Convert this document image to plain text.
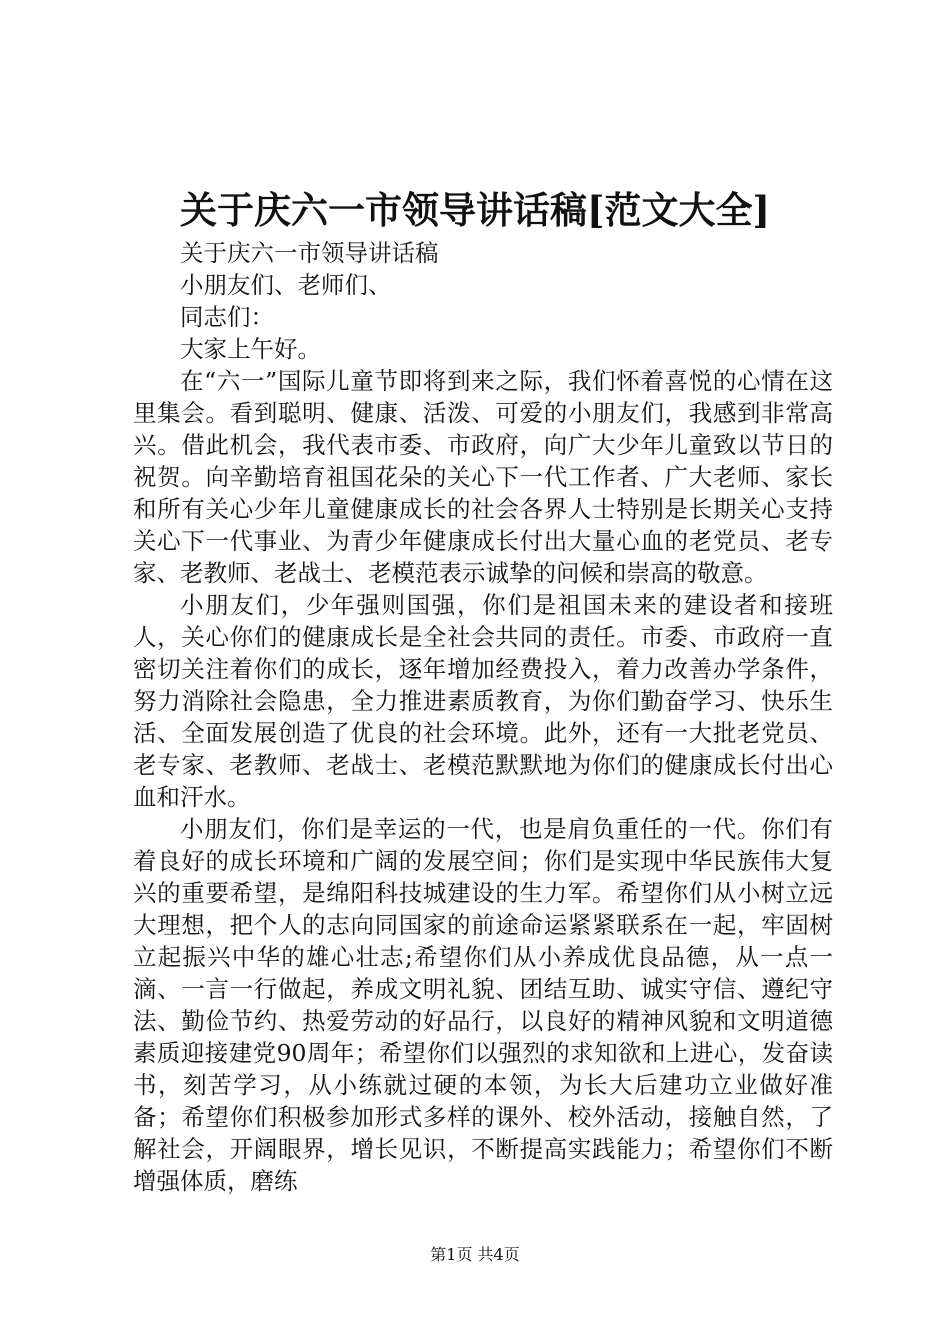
关于庆六一市领导讲话稿[范文大全]

关于庆六一市领导讲话稿

小朋友们、老师们、

同志们：

大家上午好。

在“六一”国际儿童节即将到来之际，我们怀着喜悦的心情在这里集会。看到聪明、健康、活泼、可爱的小朋友们，我感到非常高兴。借此机会，我代表市委、市政府，向广大少年儿童致以节日的祝贺。向辛勤培育祖国花朵的关心下一代工作者、广大老师、家长和所有关心少年儿童健康成长的社会各界人士特别是长期关心支持关心下一代事业、为青少年健康成长付出大量心血的老党员、老专家、老教师、老战士、老模范表示诚挚的问候和崇高的敬意。

小朋友们，少年强则国强，你们是祖国未来的建设者和接班人，关心你们的健康成长是全社会共同的责任。市委、市政府一直密切关注着你们的成长，逐年增加经费投入，着力改善办学条件，努力消除社会隐患，全力推进素质教育，为你们勤奋学习、快乐生活、全面发展创造了优良的社会环境。此外，还有一大批老党员、老专家、老教师、老战士、老模范默默地为你们的健康成长付出心血和汗水。

小朋友们，你们是幸运的一代，也是肩负重任的一代。你们有着良好的成长环境和广阔的发展空间；你们是实现中华民族伟大复兴的重要希望，是绵阳科技城建设的生力军。希望你们从小树立远大理想，把个人的志向同国家的前途命运紧紧联系在一起，牢固树立起振兴中华的雄心壮志;希望你们从小养成优良品德，从一点一滴、一言一行做起，养成文明礼貌、团结互助、诚实守信、遵纪守法、勤俭节约、热爱劳动的好品行，以良好的精神风貌和文明道德素质迎接建党90周年；希望你们以强烈的求知欲和上进心，发奋读书，刻苦学习，从小练就过硬的本领，为长大后建功立业做好准备；希望你们积极参加形式多样的课外、校外活动，接触自然，了解社会，开阔眼界，增长见识，不断提高实践能力；希望你们不断增强体质，磨练

第1页 共4页
